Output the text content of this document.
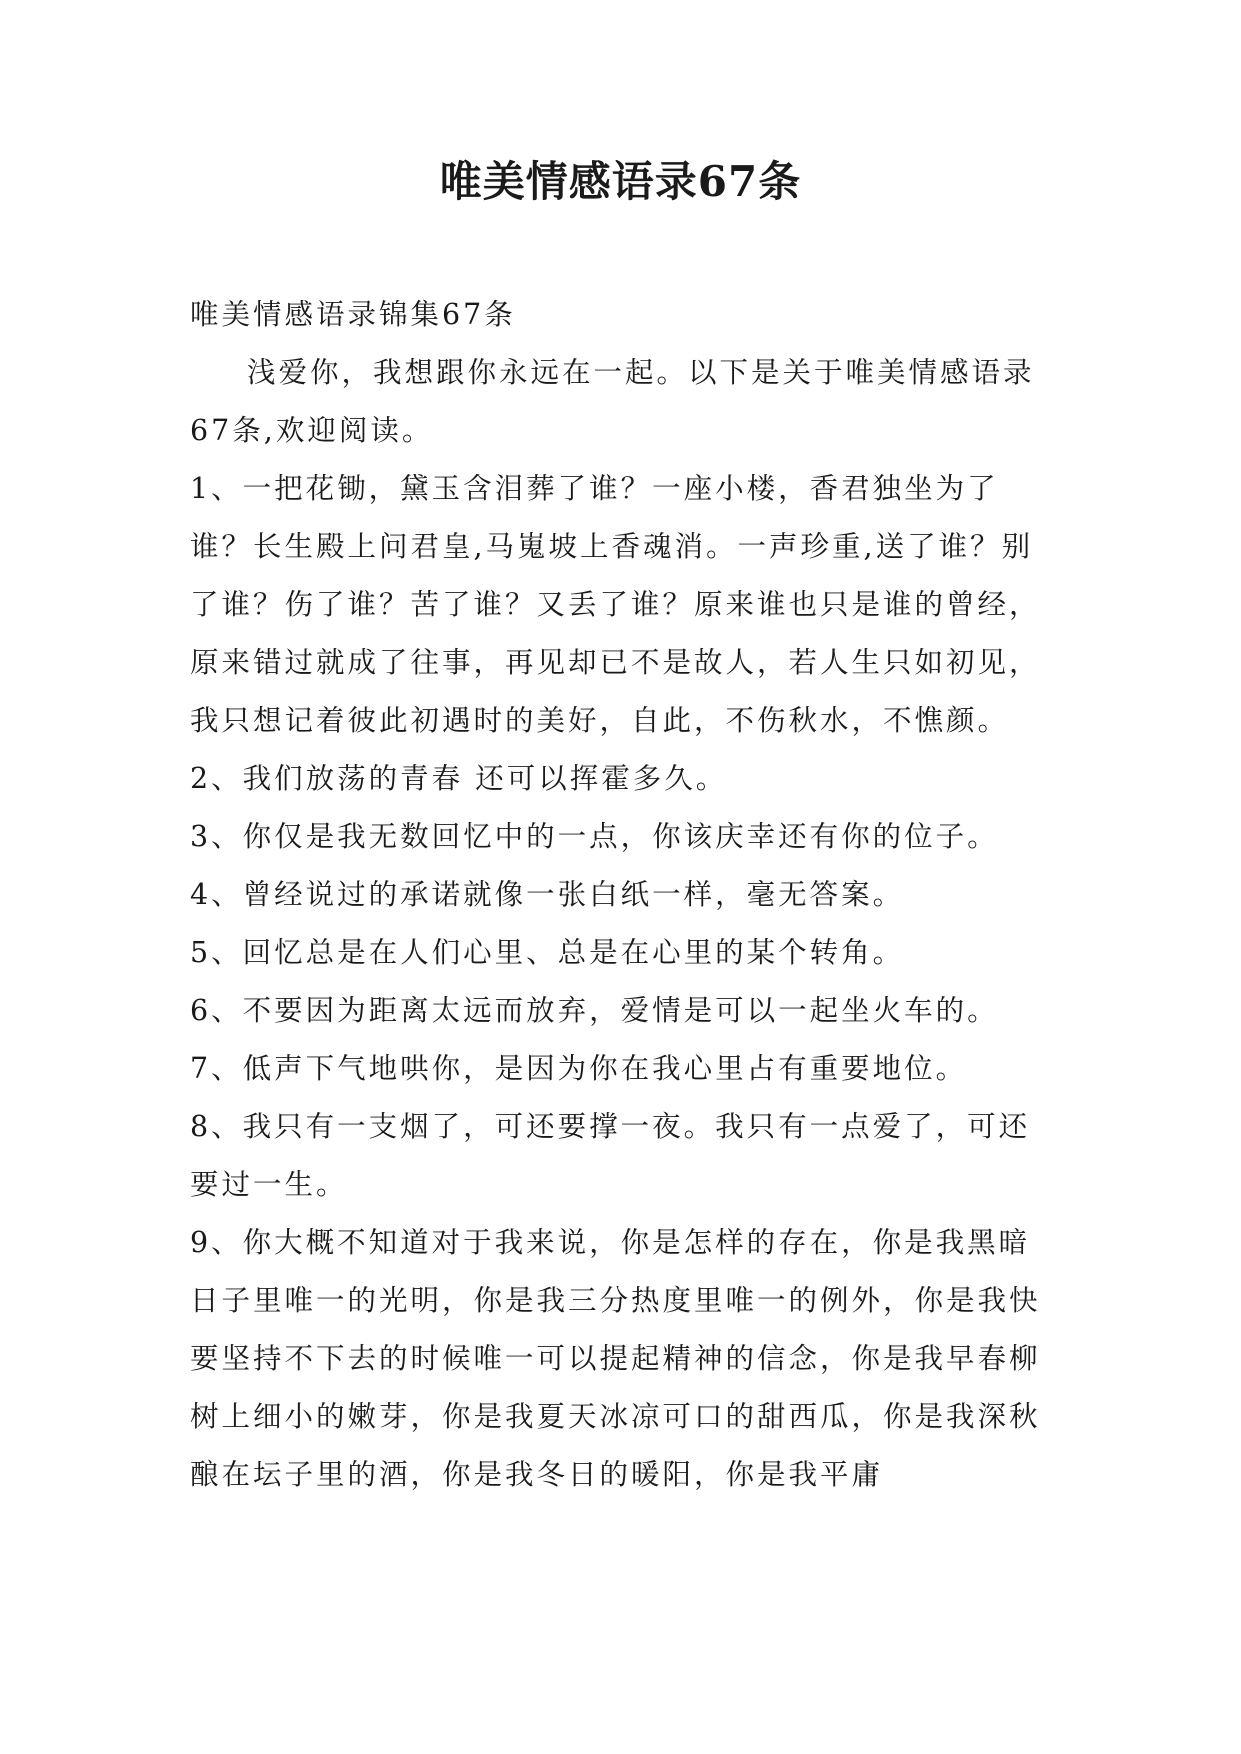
唯美情感语录67条

唯美情感语录锦集67条

浅爱你，我想跟你永远在一起。以下是关于唯美情感语录67条,欢迎阅读。

1、一把花锄，黛玉含泪葬了谁？一座小楼，香君独坐为了谁？长生殿上问君皇,马嵬坡上香魂消。一声珍重,送了谁？别了谁？伤了谁？苦了谁？又丢了谁？原来谁也只是谁的曾经，原来错过就成了往事，再见却已不是故人，若人生只如初见，我只想记着彼此初遇时的美好，自此，不伤秋水，不憔颜。

2、我们放荡的青春 还可以挥霍多久。

3、你仅是我无数回忆中的一点，你该庆幸还有你的位子。

4、曾经说过的承诺就像一张白纸一样，毫无答案。

5、回忆总是在人们心里、总是在心里的某个转角。

6、不要因为距离太远而放弃，爱情是可以一起坐火车的。

7、低声下气地哄你，是因为你在我心里占有重要地位。

8、我只有一支烟了，可还要撑一夜。我只有一点爱了，可还要过一生。

9、你大概不知道对于我来说，你是怎样的存在，你是我黑暗日子里唯一的光明，你是我三分热度里唯一的例外，你是我快要坚持不下去的时候唯一可以提起精神的信念，你是我早春柳树上细小的嫩芽，你是我夏天冰凉可口的甜西瓜，你是我深秋酿在坛子里的酒，你是我冬日的暖阳，你是我平庸
